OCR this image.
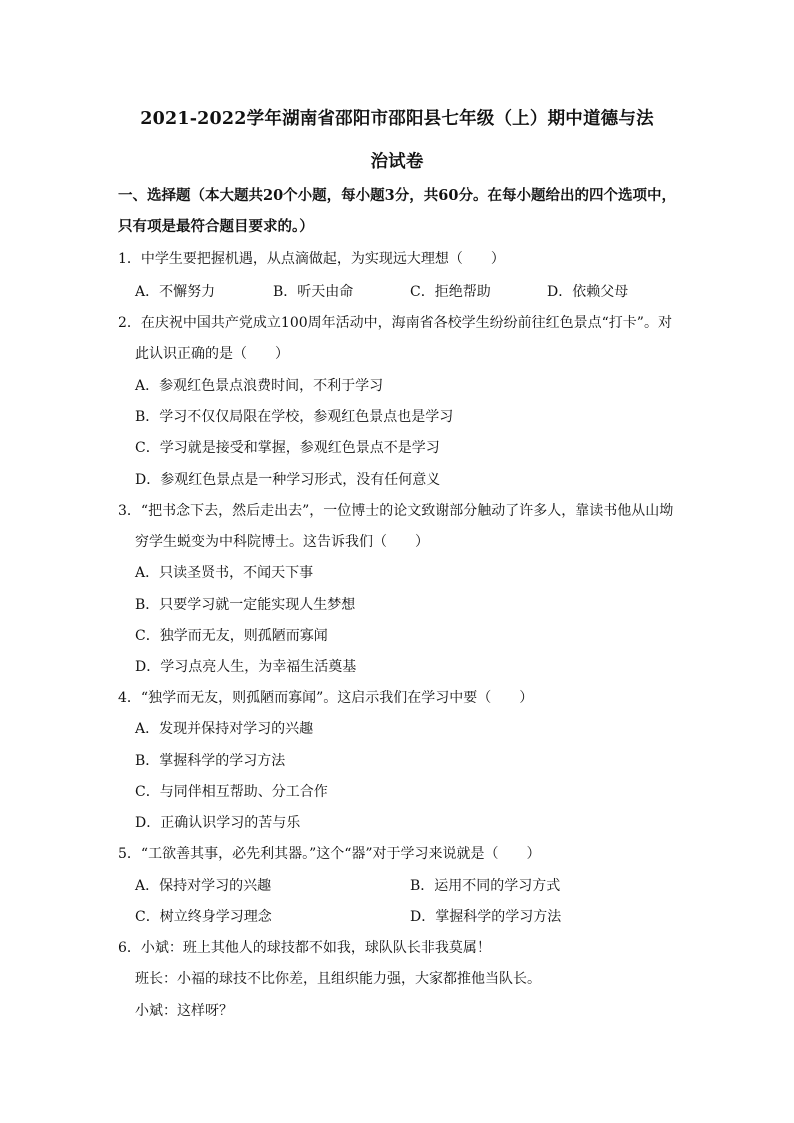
2021-2022学年湖南省邵阳市邵阳县七年级（上）期中道德与法
治试卷
一、选择题（本大题共20个小题，每小题3分，共60分。在每小题给出的四个选项中，
只有项是最符合题目要求的。）
1．中学生要把握机遇，从点滴做起，为实现远大理想（　　）
A．不懈努力	B．听天由命	C．拒绝帮助	D．依赖父母
2．在庆祝中国共产党成立100周年活动中，海南省各校学生纷纷前往红色景点“打卡”。对
此认识正确的是（　　）
A．参观红色景点浪费时间，不利于学习
B．学习不仅仅局限在学校，参观红色景点也是学习
C．学习就是接受和掌握，参观红色景点不是学习
D．参观红色景点是一种学习形式，没有任何意义
3．“把书念下去，然后走出去”，一位博士的论文致谢部分触动了许多人，靠读书他从山坳
穷学生蜕变为中科院博士。这告诉我们（　　）
A．只读圣贤书，不闻天下事
B．只要学习就一定能实现人生梦想
C．独学而无友，则孤陋而寡闻
D．学习点亮人生，为幸福生活奠基
4．“独学而无友，则孤陋而寡闻”。这启示我们在学习中要（　　）
A．发现并保持对学习的兴趣
B．掌握科学的学习方法
C．与同伴相互帮助、分工合作
D．正确认识学习的苦与乐
5．“工欲善其事，必先利其器。”这个“器”对于学习来说就是（　　）
A．保持对学习的兴趣	B．运用不同的学习方式
C．树立终身学习理念	D．掌握科学的学习方法
6．小斌：班上其他人的球技都不如我，球队队长非我莫属！
班长：小福的球技不比你差，且组织能力强，大家都推他当队长。
小斌：这样呀？
